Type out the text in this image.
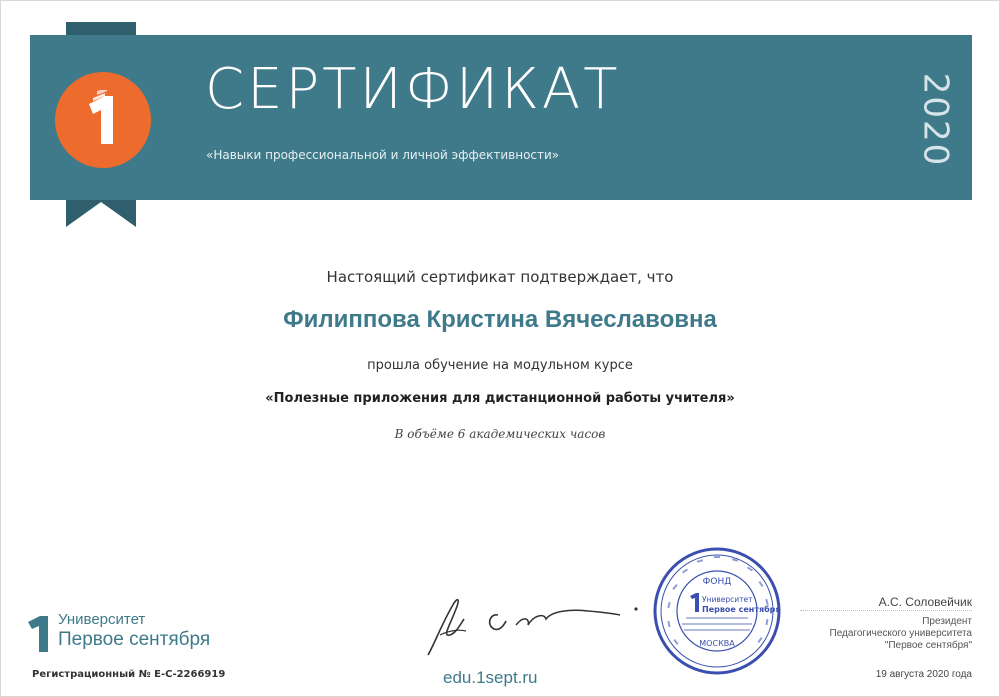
СЕРТИФИКАТ
«Навыки профессиональной и личной эффективности»	2020
Настоящий сертификат подтверждает, что
Филиппова Кристина Вячеславовна
прошла обучение на модульном курсе
«Полезные приложения для дистанционной работы учителя»
В объёме 6 академических часов
Университет
Первое сентября
Регистрационный № Е-С-2266919	edu.1sept.ru
ФОНД
Университет
Первое сентября
МОСКВА
А.С. Соловейчик
Президент
Педагогического университета
"Первое сентября"
19 августа 2020 года
